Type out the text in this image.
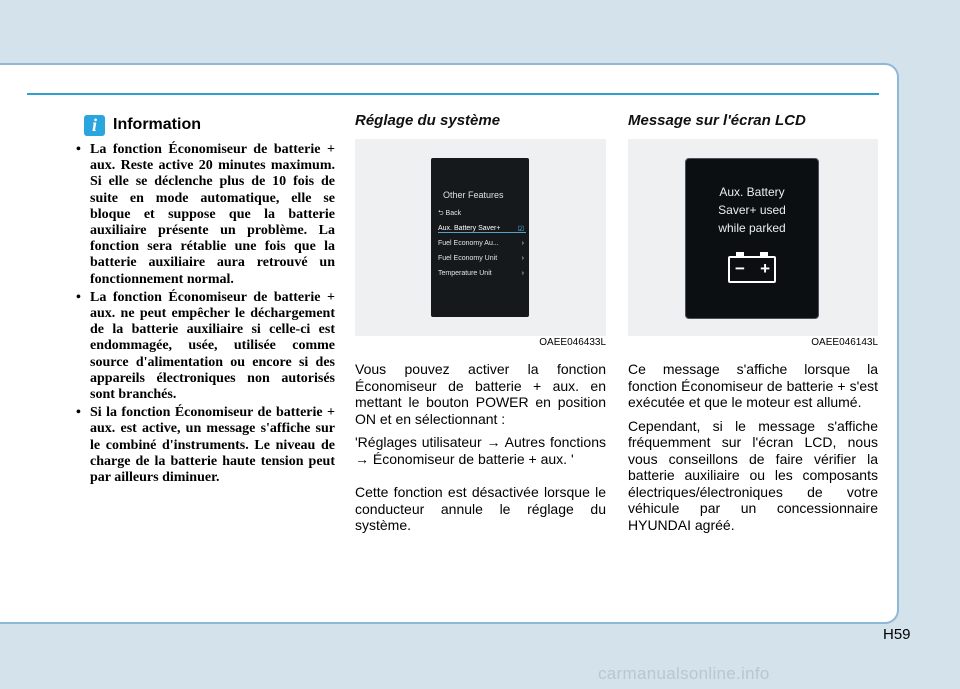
i	Information
• La fonction Économiseur de batterie + aux. Reste active 20 minutes maximum. Si elle se déclenche plus de 10 fois de suite en mode automatique, elle se bloque et suppose que la batterie auxiliaire présente un problème. La fonction sera rétablie une fois que la batterie auxiliaire aura retrouvé un fonctionnement normal.
• La fonction Économiseur de batterie + aux. ne peut empêcher le déchargement de la batterie auxiliaire si celle-ci est endommagée, usée, utilisée comme source d'alimentation ou encore si des appareils électroniques non autorisés sont branchés.
• Si la fonction Économiseur de batterie + aux. est active, un message s'affiche sur le combiné d'instruments. Le niveau de charge de la batterie haute tension peut par ailleurs diminuer.
Réglage du système
Other Features
⮌ Back
Aux. Battery Saver+ ☑
Fuel Economy Au...	›
Fuel Economy Unit	›
Temperature Unit	›
OAEE046433L

Vous pouvez activer la fonction Économiseur de batterie + aux. en mettant le bouton POWER en position ON et en sélectionnant :

'Réglages utilisateur → Autres fonctions → Économiseur de batterie + aux. '

Cette fonction est désactivée lorsque le conducteur annule le réglage du système.

Message sur l'écran LCD
Aux. Battery
Saver+ used
while parked
− +
OAEE046143L

Ce message s'affiche lorsque la fonction Économiseur de batterie + s'est exécutée et que le moteur est allumé.

Cependant, si le message s'affiche fréquemment sur l'écran LCD, nous vous conseillons de faire vérifier la batterie auxiliaire ou les composants électriques/électroniques de votre véhicule par un concessionnaire HYUNDAI agréé.

H59
carmanualsonline.info
